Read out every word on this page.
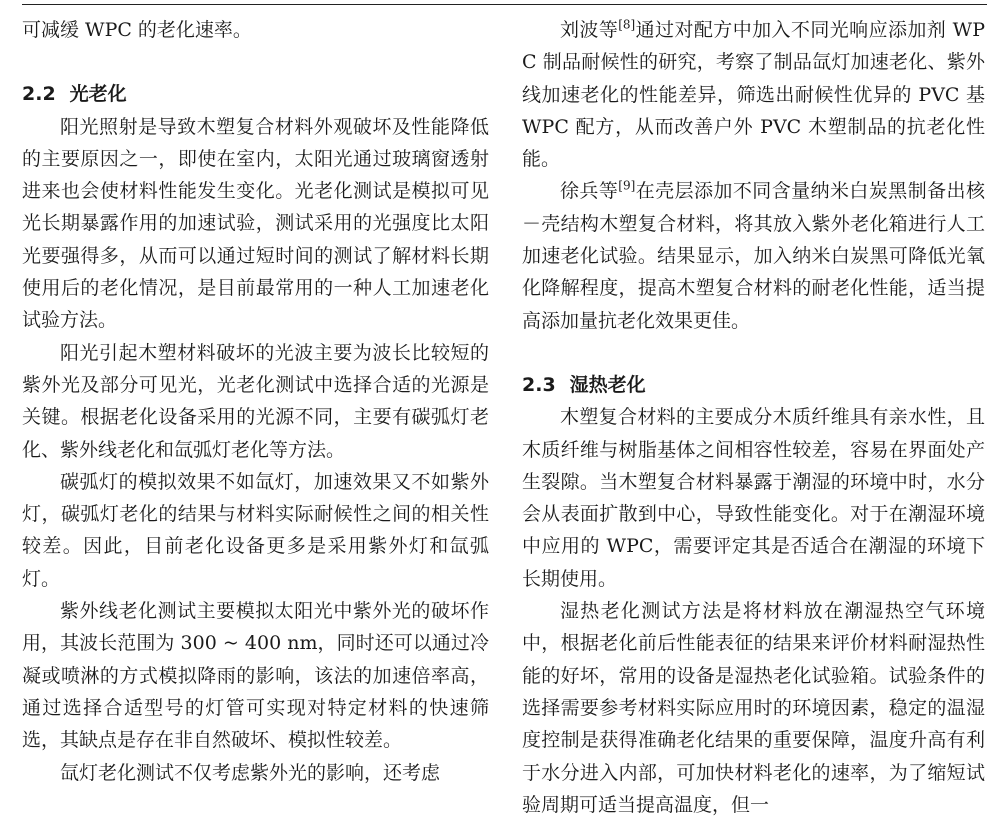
可减缓 WPC 的老化速率。

2.2 光老化

阳光照射是导致木塑复合材料外观破坏及性能降低的主要原因之一，即使在室内，太阳光通过玻璃窗透射进来也会使材料性能发生变化。光老化测试是模拟可见光长期暴露作用的加速试验，测试采用的光强度比太阳光要强得多，从而可以通过短时间的测试了解材料长期使用后的老化情况，是目前最常用的一种人工加速老化试验方法。

阳光引起木塑材料破坏的光波主要为波长比较短的紫外光及部分可见光，光老化测试中选择合适的光源是关键。根据老化设备采用的光源不同，主要有碳弧灯老化、紫外线老化和氙弧灯老化等方法。

碳弧灯的模拟效果不如氙灯，加速效果又不如紫外灯，碳弧灯老化的结果与材料实际耐候性之间的相关性较差。因此，目前老化设备更多是采用紫外灯和氙弧灯。

紫外线老化测试主要模拟太阳光中紫外光的破坏作用，其波长范围为 300 ~ 400 nm，同时还可以通过冷凝或喷淋的方式模拟降雨的影响，该法的加速倍率高，通过选择合适型号的灯管可实现对特定材料的快速筛选，其缺点是存在非自然破坏、模拟性较差。

氙灯老化测试不仅考虑紫外光的影响，还考虑

刘波等[8]通过对配方中加入不同光响应添加剂 WPC 制品耐候性的研究，考察了制品氙灯加速老化、紫外线加速老化的性能差异，筛选出耐候性优异的 PVC 基 WPC 配方，从而改善户外 PVC 木塑制品的抗老化性能。

徐兵等[9]在壳层添加不同含量纳米白炭黑制备出核－壳结构木塑复合材料，将其放入紫外老化箱进行人工加速老化试验。结果显示，加入纳米白炭黑可降低光氧化降解程度，提高木塑复合材料的耐老化性能，适当提高添加量抗老化效果更佳。

2.3 湿热老化

木塑复合材料的主要成分木质纤维具有亲水性，且木质纤维与树脂基体之间相容性较差，容易在界面处产生裂隙。当木塑复合材料暴露于潮湿的环境中时，水分会从表面扩散到中心，导致性能变化。对于在潮湿环境中应用的 WPC，需要评定其是否适合在潮湿的环境下长期使用。

湿热老化测试方法是将材料放在潮湿热空气环境中，根据老化前后性能表征的结果来评价材料耐湿热性能的好坏，常用的设备是湿热老化试验箱。试验条件的选择需要参考材料实际应用时的环境因素，稳定的温湿度控制是获得准确老化结果的重要保障，温度升高有利于水分进入内部，可加快材料老化的速率，为了缩短试验周期可适当提高温度，但一
